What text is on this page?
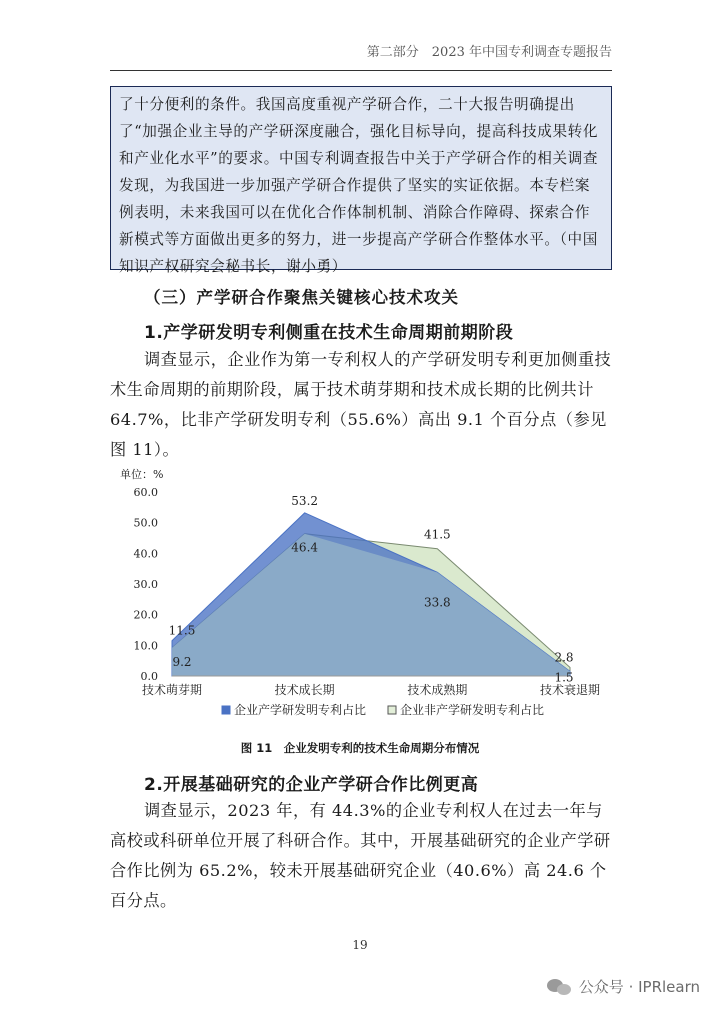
第二部分　2023 年中国专利调查专题报告

了十分便利的条件。我国高度重视产学研合作，二十大报告明确提出了“加强企业主导的产学研深度融合，强化目标导向，提高科技成果转化和产业化水平”的要求。中国专利调查报告中关于产学研合作的相关调查发现，为我国进一步加强产学研合作提供了坚实的实证依据。本专栏案例表明，未来我国可以在优化合作体制机制、消除合作障碍、探索合作新模式等方面做出更多的努力，进一步提高产学研合作整体水平。（中国知识产权研究会秘书长，谢小勇）

（三）产学研合作聚焦关键核心技术攻关
1.产学研发明专利侧重在技术生命周期前期阶段

调查显示，企业作为第一专利权人的产学研发明专利更加侧重技术生命周期的前期阶段，属于技术萌芽期和技术成长期的比例共计 64.7%，比非产学研发明专利（55.6%）高出 9.1 个百分点（参见图 11）。

单位：%
0.0
10.0
20.0
30.0
40.0
50.0
60.0
技术萌芽期	技术成长期	技术成熟期	技术衰退期
11.5
53.2
33.8
1.5
9.2
46.4
41.5
2.8
企业产学研发明专利占比	企业非产学研发明专利占比
图 11　企业发明专利的技术生命周期分布情况
2.开展基础研究的企业产学研合作比例更高

调查显示，2023 年，有 44.3%的企业专利权人在过去一年与高校或科研单位开展了科研合作。其中，开展基础研究的企业产学研合作比例为 65.2%，较未开展基础研究企业（40.6%）高 24.6 个百分点。

19
公众号 · IPRlearn
